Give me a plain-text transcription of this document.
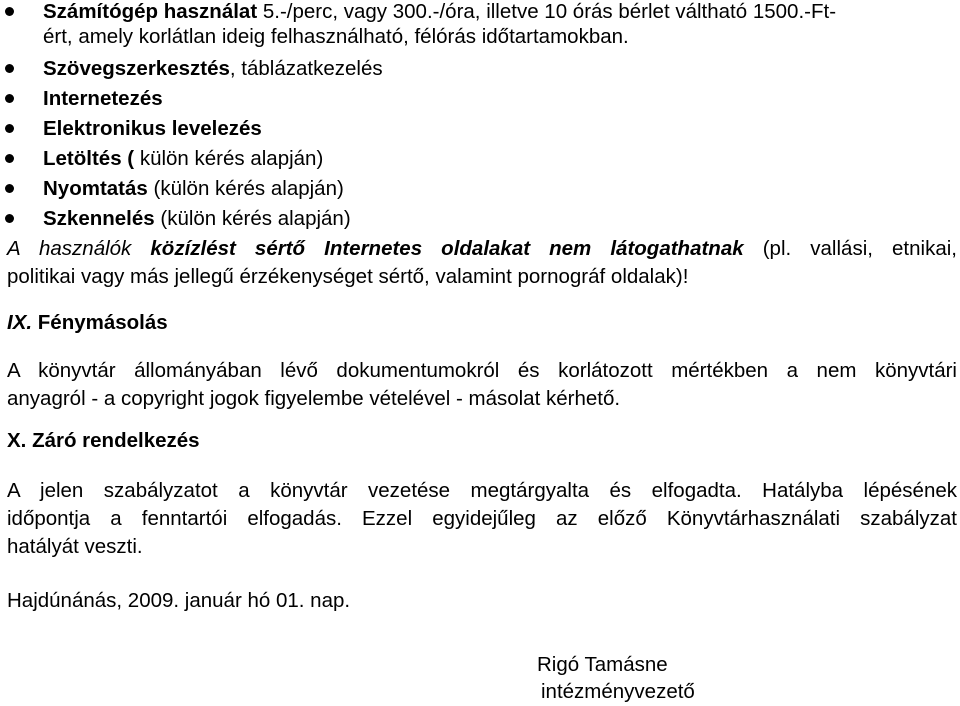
Számítógép használat 5.-/perc, vagy 300.-/óra, illetve 10 órás bérlet váltható 1500.-Ft-
ért, amely korlátlan ideig felhasználható, félórás időtartamokban.
Szövegszerkesztés, táblázatkezelés
Internetezés
Elektronikus levelezés
Letöltés ( külön kérés alapján)
Nyomtatás (külön kérés alapján)
Szkennelés (külön kérés alapján)
A használók közízlést sértő Internetes oldalakat nem látogathatnak (pl. vallási, etnikai,
politikai vagy más jellegű érzékenységet sértő, valamint pornográf oldalak)!
IX. Fénymásolás
A könyvtár állományában lévő dokumentumokról és korlátozott mértékben a nem könyvtári
anyagról - a copyright jogok figyelembe vételével - másolat kérhető.
X. Záró rendelkezés
A jelen szabályzatot a könyvtár vezetése megtárgyalta és elfogadta. Hatályba lépésének
időpontja a fenntartói elfogadás. Ezzel egyidejűleg az előző Könyvtárhasználati szabályzat
hatályát veszti.
Hajdúnánás, 2009. január hó 01. nap.
Rigó Tamásne
intézményvezető
